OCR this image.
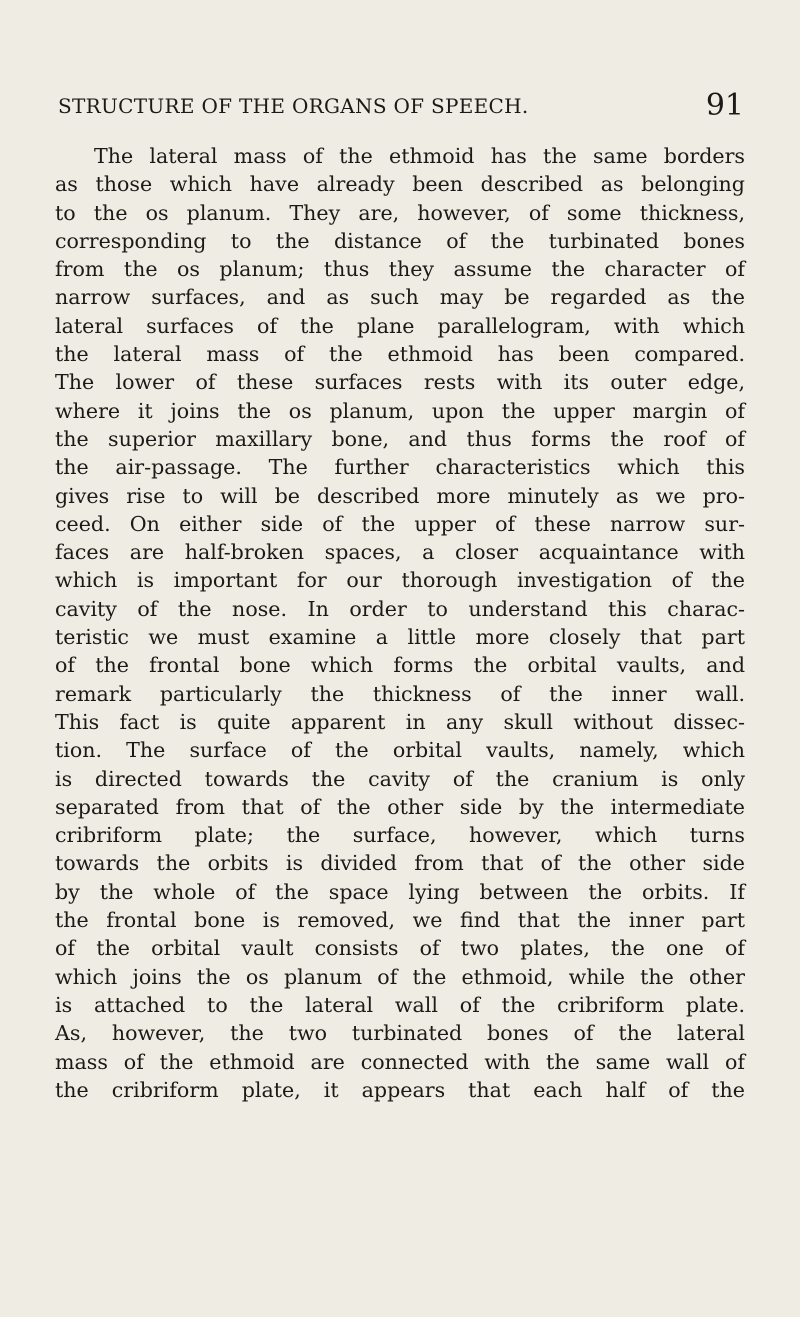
STRUCTURE OF THE ORGANS OF SPEECH.	91
The lateral mass of the ethmoid has the same borders
as those which have already been described as belonging
to the os planum. They are, however, of some thickness,
corresponding to the distance of the turbinated bones
from the os planum; thus they assume the character of
narrow surfaces, and as such may be regarded as the
lateral surfaces of the plane parallelogram, with which
the lateral mass of the ethmoid has been compared.
The lower of these surfaces rests with its outer edge,
where it joins the os planum, upon the upper margin of
the superior maxillary bone, and thus forms the roof of
the air-passage. The further characteristics which this
gives rise to will be described more minutely as we pro-
ceed. On either side of the upper of these narrow sur-
faces are half-broken spaces, a closer acquaintance with
which is important for our thorough investigation of the
cavity of the nose. In order to understand this charac-
teristic we must examine a little more closely that part
of the frontal bone which forms the orbital vaults, and
remark particularly the thickness of the inner wall.
This fact is quite apparent in any skull without dissec-
tion. The surface of the orbital vaults, namely, which
is directed towards the cavity of the cranium is only
separated from that of the other side by the intermediate
cribriform plate; the surface, however, which turns
towards the orbits is divided from that of the other side
by the whole of the space lying between the orbits. If
the frontal bone is removed, we find that the inner part
of the orbital vault consists of two plates, the one of
which joins the os planum of the ethmoid, while the other
is attached to the lateral wall of the cribriform plate.
As, however, the two turbinated bones of the lateral
mass of the ethmoid are connected with the same wall of
the cribriform plate, it appears that each half of the
